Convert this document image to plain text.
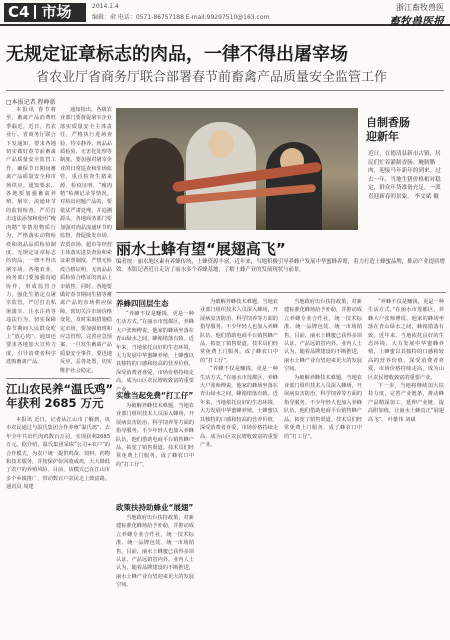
C4 市场	2014.1.4
编辑：俞 电话：0571-86757188 E-mail:99297510@163.com
浙江畜牧兽医
畜牧兽医报
无规定证章标志的肉品，一律不得出屠宰场
省农业厅省商务厅联合部署春节前畜禽产品质量安全监管工作
□本报记者 程峥新

本报讯 春节将至，畜禽产品消费旺季临近。近日，省农业厅、省商务厅联合下发通知，要求各地切实做好春节前畜禽产品质量安全监管工作，确保节日期间畜禽产品质量安全和市场供应。通知要求，各地要加强畜禽养殖、屠宰、流通环节的监督检查，严厉打击违法添加和使用“瘦肉精”等禁用物质行为，严格落实动物检疫和肉品品质检验制度。无规定证章标志的肉品，一律不得出屠宰场。各地农业、商务部门要加强沟通协作，形成监管合力，强化生猪定点屠宰监管，严厉打击私屠滥宰、注水注药等违法行为，切实保障春节期间人民群众吃上“放心肉”。通知还要求各地加大宣传力度，引导消费者科学选购畜禽产品。

通知指出，各级农业部门要督促屠宰企业落实质量安全主体责任，严格执行进场查验、待宰静养、肉品品质检验、无害化处理等制度。要加强对屠宰企业的日常巡查和驻场监管，重点检查生猪来源、检疫证明、“瘦肉精”检测记录等情况。对检出问题产品的，要依法严肃处理，并追溯源头。各地商务部门要加强对肉品流通环节的监督，督促批发市场、农贸市场、超市等经营主体落实进货查验和索证索票制度，严禁无检疫合格证明、无肉品品质检验合格证的肉品上市销售。同时，各地要做好春节期间生猪等畜禽产品的市场供应保障，密切关注市场价格变化，及时采取措施稳定市场。要加强值班和应急管理，完善应急预案，一旦发生畜禽产品质量安全事件，要迅速反应，妥善处置，切实维护社会稳定。

自制香肠
迎新年
近日，在德清县新市古镇，居民们忙着灌制香肠、腌制腊肉，迎接马年新年的到来。过去一年，当地生猪价格相对稳定，群众年货准备充足，一派喜迎新春的景象。 李文斌 摄
丽水土蜂有望“展翅高飞”
编者按：丽水地区素有养蜂传统，土蜂资源丰富。近年来，当地积极引导养蜂户发展中华蜜蜂养殖，着力打造土蜂蜜品牌，推动产业提质增效。本版记者近日走访了丽水多个养蜂基地，了解土蜂产业的发展现状与前景。
养蜂四回层生态

“养蜂不仅是赚钱，更是一种生活方式。”在丽水市莲都区，养蜂大户张师傅说。他家的蜂场坐落在青山绿水之间，蜂箱错落有致。近年来，当地依托良好的生态环境，大力发展中华蜜蜂养殖，土蜂蜜以其独特的口感和较高的营养价值，深受消费者喜爱，市场价格持续走高，成为山区农民增收致富的重要产业。

实维当起免费“打工仔”

为破解养蜂技术难题，当地农业部门组织技术人员深入蜂场，开展病虫害防治、科学饲养等方面的指导服务。不少年轻人也加入养蜂队伍，他们借助电商平台销售蜂产品，拓宽了销售渠道。技术员们经常免费上门服务，成了蜂农口中的“打工仔”。

政策扶持助蜂业“展翅”

当地政府出台扶持政策，对新建标准化蜂场给予补助，并推动成立养蜂专业合作社，统一技术标准、统一品牌包装、统一市场销售。目前，丽水土蜂蜜已获得多项认证，产品远销省内外。业内人士认为，随着品牌建设的不断推进，丽水土蜂产业有望迎来更大的发展空间。

为破解养蜂技术难题，当地农业部门组织技术人员深入蜂场，开展病虫害防治、科学饲养等方面的指导服务。不少年轻人也加入养蜂队伍，他们借助电商平台销售蜂产品，拓宽了销售渠道。技术员们经常免费上门服务，成了蜂农口中的“打工仔”。

“养蜂不仅是赚钱，更是一种生活方式。”在丽水市莲都区，养蜂大户张师傅说。他家的蜂场坐落在青山绿水之间，蜂箱错落有致。近年来，当地依托良好的生态环境，大力发展中华蜜蜂养殖，土蜂蜜以其独特的口感和较高的营养价值，深受消费者喜爱，市场价格持续走高，成为山区农民增收致富的重要产业。

当地政府出台扶持政策，对新建标准化蜂场给予补助，并推动成立养蜂专业合作社，统一技术标准、统一品牌包装、统一市场销售。目前，丽水土蜂蜜已获得多项认证，产品远销省内外。业内人士认为，随着品牌建设的不断推进，丽水土蜂产业有望迎来更大的发展空间。

为破解养蜂技术难题，当地农业部门组织技术人员深入蜂场，开展病虫害防治、科学饲养等方面的指导服务。不少年轻人也加入养蜂队伍，他们借助电商平台销售蜂产品，拓宽了销售渠道。技术员们经常免费上门服务，成了蜂农口中的“打工仔”。

“养蜂不仅是赚钱，更是一种生活方式。”在丽水市莲都区，养蜂大户张师傅说。他家的蜂场坐落在青山绿水之间，蜂箱错落有致。近年来，当地依托良好的生态环境，大力发展中华蜜蜂养殖，土蜂蜜以其独特的口感和较高的营养价值，深受消费者喜爱，市场价格持续走高，成为山区农民增收致富的重要产业。

下一步，当地将继续加大扶持力度，完善产业链条，推动蜂产品精深加工，延伸产业链，提高附加值，让丽水土蜂真正“展翅高飞”。 叶雄伟 刘斌

江山农民养“温氏鸡”
年获利 2685 万元

本报讯 近日，记者从江山市了解到，该市农民通过与温氏集团合作养殖“温氏鸡”，去年全年共出栏肉鸡数百万羽，实现获利2685万元。据介绍，温氏集团采取“公司+农户”的合作模式，为农户统一提供鸡苗、饲料、药物和技术服务，并按保护价回收成鸡，大大降低了农户的养殖风险。目前，该模式已在江山市多个乡镇推广，带动数百户农民走上致富路。 通讯员 周建
